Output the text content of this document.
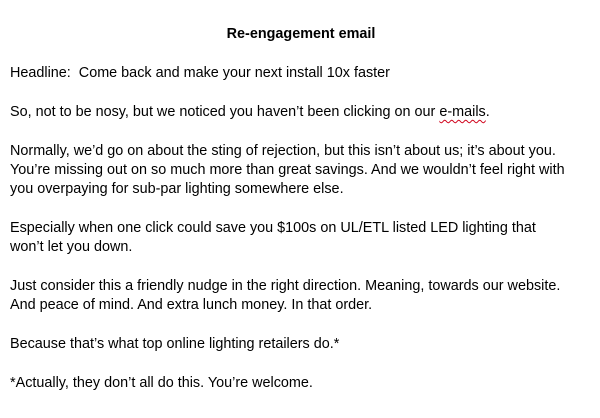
Re-engagement email

Headline:  Come back and make your next install 10x faster

So, not to be nosy, but we noticed you haven’t been clicking on our e-mails.

Normally, we’d go on about the sting of rejection, but this isn’t about us; it’s about you.
You’re missing out on so much more than great savings. And we wouldn’t feel right with
you overpaying for sub-par lighting somewhere else.

Especially when one click could save you $100s on UL/ETL listed LED lighting that
won’t let you down.

Just consider this a friendly nudge in the right direction. Meaning, towards our website.
And peace of mind. And extra lunch money. In that order.

Because that’s what top online lighting retailers do.*

*Actually, they don’t all do this. You’re welcome.
